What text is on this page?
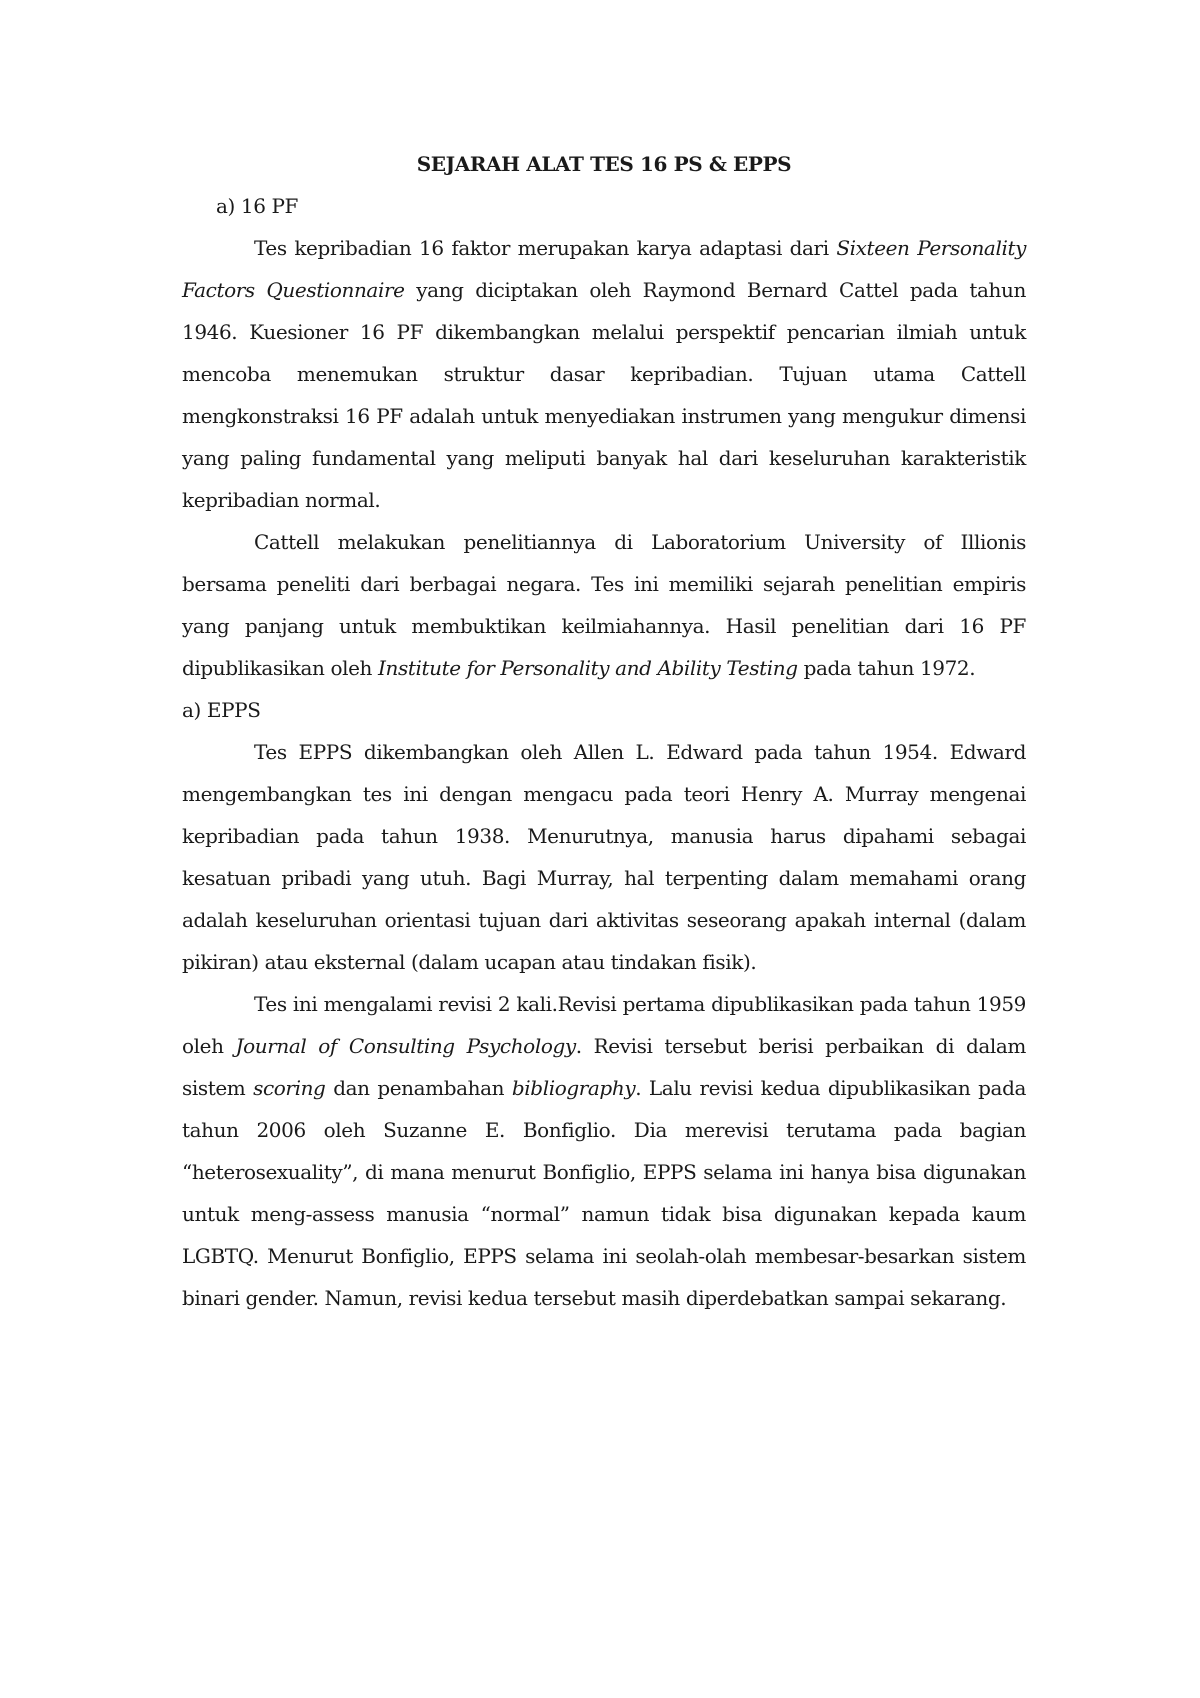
SEJARAH ALAT TES 16 PS & EPPS

a) 16 PF

Tes kepribadian 16 faktor merupakan karya adaptasi dari Sixteen Personality Factors Questionnaire yang diciptakan oleh Raymond Bernard Cattel pada tahun 1946. Kuesioner 16 PF dikembangkan melalui perspektif pencarian ilmiah untuk mencoba menemukan struktur dasar kepribadian. Tujuan utama Cattell mengkonstraksi 16 PF adalah untuk menyediakan instrumen yang mengukur dimensi yang paling fundamental yang meliputi banyak hal dari keseluruhan karakteristik kepribadian normal.

Cattell melakukan penelitiannya di Laboratorium University of Illionis bersama peneliti dari berbagai negara. Tes ini memiliki sejarah penelitian empiris yang panjang untuk membuktikan keilmiahannya. Hasil penelitian dari 16 PF dipublikasikan oleh Institute for Personality and Ability Testing pada tahun 1972.

a) EPPS

Tes EPPS dikembangkan oleh Allen L. Edward pada tahun 1954. Edward mengembangkan tes ini dengan mengacu pada teori Henry A. Murray mengenai kepribadian pada tahun 1938. Menurutnya, manusia harus dipahami sebagai kesatuan pribadi yang utuh. Bagi Murray, hal terpenting dalam memahami orang adalah keseluruhan orientasi tujuan dari aktivitas seseorang apakah internal (dalam pikiran) atau eksternal (dalam ucapan atau tindakan fisik).

Tes ini mengalami revisi 2 kali.Revisi pertama dipublikasikan pada tahun 1959 oleh Journal of Consulting Psychology. Revisi tersebut berisi perbaikan di dalam sistem scoring dan penambahan bibliography. Lalu revisi kedua dipublikasikan pada tahun 2006 oleh Suzanne E. Bonfiglio. Dia merevisi terutama pada bagian “heterosexuality”, di mana menurut Bonfiglio, EPPS selama ini hanya bisa digunakan untuk meng-assess manusia “normal” namun tidak bisa digunakan kepada kaum LGBTQ. Menurut Bonfiglio, EPPS selama ini seolah-olah membesar-besarkan sistem binari gender. Namun, revisi kedua tersebut masih diperdebatkan sampai sekarang.
